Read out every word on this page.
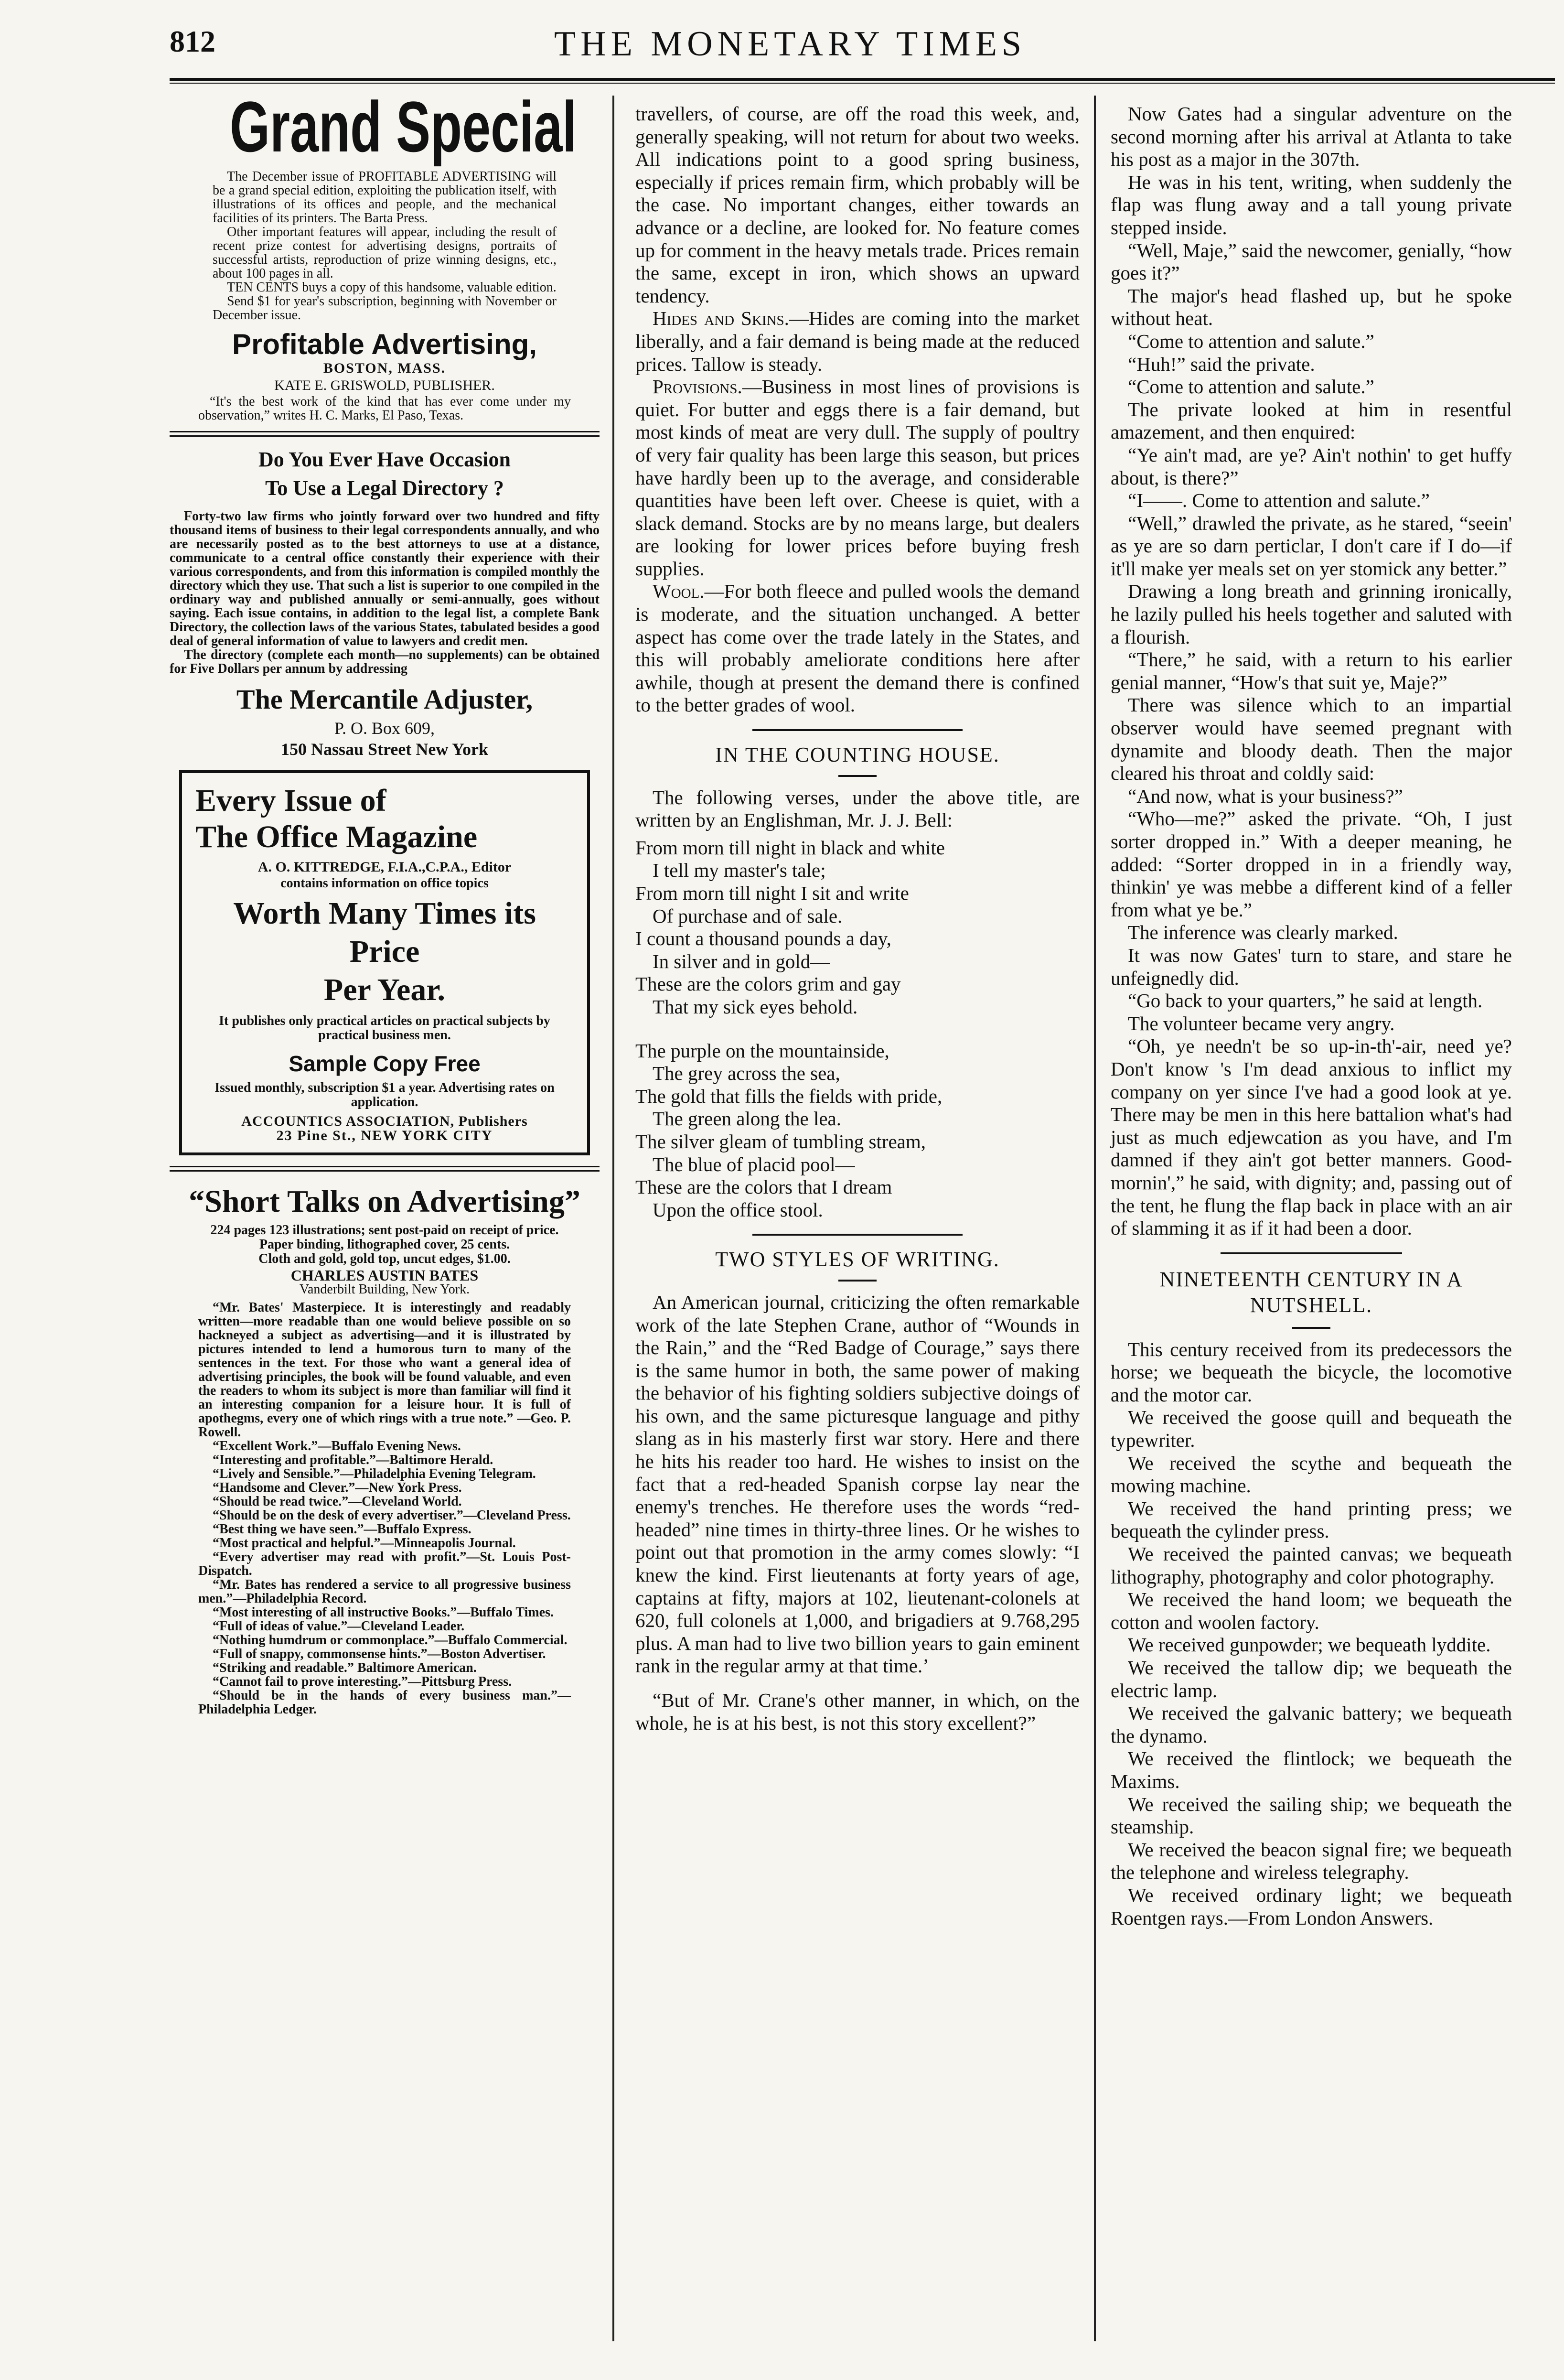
812	THE MONETARY TIMES
Grand Special

The December issue of PROFITABLE ADVERTISING will be a grand special edition, exploiting the publication itself, with illustrations of its offices and people, and the mechanical facilities of its printers. The Barta Press.

Other important features will appear, including the result of recent prize contest for advertising designs, portraits of successful artists, reproduction of prize winning designs, etc., about 100 pages in all.

TEN CENTS buys a copy of this handsome, valuable edition.

Send $1 for year's subscription, beginning with November or December issue.

Profitable Advertising,
BOSTON, MASS.
KATE E. GRISWOLD, PUBLISHER.

“It's the best work of the kind that has ever come under my observation,” writes H. C. Marks, El Paso, Texas.

Do You Ever Have Occasion
To Use a Legal Directory ?

Forty-two law firms who jointly forward over two hundred and fifty thousand items of business to their legal correspondents annually, and who are necessarily posted as to the best attorneys to use at a distance, communicate to a central office constantly their experience with their various correspondents, and from this information is compiled monthly the directory which they use. That such a list is superior to one compiled in the ordinary way and published annually or semi-annually, goes without saying. Each issue contains, in addition to the legal list, a complete Bank Directory, the collection laws of the various States, tabulated besides a good deal of general information of value to lawyers and credit men.

The directory (complete each month—no supplements) can be obtained for Five Dollars per annum by addressing

The Mercantile Adjuster,
P. O. Box 609,
150 Nassau Street New York
Every Issue of
The Office Magazine
A. O. KITTREDGE, F.I.A.,C.P.A., Editor
contains information on office topics
Worth Many Times its Price
Per Year.
It publishes only practical articles on practical subjects by practical business men.
Sample Copy Free
Issued monthly, subscription $1 a year. Advertising rates on application.
ACCOUNTICS ASSOCIATION, Publishers
23 Pine St., NEW YORK CITY
“Short Talks on Advertising”
224 pages 123 illustrations; sent post-paid on receipt of price.
Paper binding, lithographed cover, 25 cents.
Cloth and gold, gold top, uncut edges, $1.00.
CHARLES AUSTIN BATES
Vanderbilt Building, New York.

“Mr. Bates' Masterpiece. It is interestingly and readably written—more readable than one would believe possible on so hackneyed a subject as advertising—and it is illustrated by pictures intended to lend a humorous turn to many of the sentences in the text. For those who want a general idea of advertising principles, the book will be found valuable, and even the readers to whom its subject is more than familiar will find it an interesting companion for a leisure hour. It is full of apothegms, every one of which rings with a true note.” —Geo. P. Rowell.

“Excellent Work.”—Buffalo Evening News.

“Interesting and profitable.”—Baltimore Herald.

“Lively and Sensible.”—Philadelphia Evening Telegram.

“Handsome and Clever.”—New York Press.

“Should be read twice.”—Cleveland World.

“Should be on the desk of every advertiser.”—Cleveland Press.

“Best thing we have seen.”—Buffalo Express.

“Most practical and helpful.”—Minneapolis Journal.

“Every advertiser may read with profit.”—St. Louis Post-Dispatch.

“Mr. Bates has rendered a service to all progressive business men.”—Philadelphia Record.

“Most interesting of all instructive Books.”—Buffalo Times.

“Full of ideas of value.”—Cleveland Leader.

“Nothing humdrum or commonplace.”—Buffalo Commercial.

“Full of snappy, commonsense hints.”—Boston Advertiser.

“Striking and readable.” Baltimore American.

“Cannot fail to prove interesting.”—Pittsburg Press.

“Should be in the hands of every business man.”—Philadelphia Ledger.

travellers, of course, are off the road this week, and, generally speaking, will not return for about two weeks. All indications point to a good spring business, especially if prices remain firm, which probably will be the case. No important changes, either towards an advance or a decline, are looked for. No feature comes up for comment in the heavy metals trade. Prices remain the same, except in iron, which shows an upward tendency.

Hides and Skins.—Hides are coming into the market liberally, and a fair demand is being made at the reduced prices. Tallow is steady.

Provisions.—Business in most lines of provisions is quiet. For butter and eggs there is a fair demand, but most kinds of meat are very dull. The supply of poultry of very fair quality has been large this season, but prices have hardly been up to the average, and considerable quantities have been left over. Cheese is quiet, with a slack demand. Stocks are by no means large, but dealers are looking for lower prices before buying fresh supplies.

Wool.—For both fleece and pulled wools the demand is moderate, and the situation unchanged. A better aspect has come over the trade lately in the States, and this will probably ameliorate conditions here after awhile, though at present the demand there is confined to the better grades of wool.

IN THE COUNTING HOUSE.

The following verses, under the above title, are written by an Englishman, Mr. J. J. Bell:

From morn till night in black and white
I tell my master's tale;
From morn till night I sit and write
Of purchase and of sale.
I count a thousand pounds a day,
In silver and in gold—
These are the colors grim and gay
That my sick eyes behold.
The purple on the mountainside,
The grey across the sea,
The gold that fills the fields with pride,
The green along the lea.
The silver gleam of tumbling stream,
The blue of placid pool—
These are the colors that I dream
Upon the office stool.
TWO STYLES OF WRITING.

An American journal, criticizing the often remarkable work of the late Stephen Crane, author of “Wounds in the Rain,” and the “Red Badge of Courage,” says there is the same humor in both, the same power of making the behavior of his fighting soldiers subjective doings of his own, and the same picturesque language and pithy slang as in his masterly first war story. Here and there he hits his reader too hard. He wishes to insist on the fact that a red-headed Spanish corpse lay near the enemy's trenches. He therefore uses the words “red-headed” nine times in thirty-three lines. Or he wishes to point out that promotion in the army comes slowly: “I knew the kind. First lieutenants at forty years of age, captains at fifty, majors at 102, lieutenant-colonels at 620, full colonels at 1,000, and brigadiers at 9.768,295 plus. A man had to live two billion years to gain eminent rank in the regular army at that time.’

“But of Mr. Crane's other manner, in which, on the whole, he is at his best, is not this story excellent?”

Now Gates had a singular adventure on the second morning after his arrival at Atlanta to take his post as a major in the 307th.

He was in his tent, writing, when suddenly the flap was flung away and a tall young private stepped inside.

“Well, Maje,” said the newcomer, genially, “how goes it?”

The major's head flashed up, but he spoke without heat.

“Come to attention and salute.”

“Huh!” said the private.

“Come to attention and salute.”

The private looked at him in resentful amazement, and then enquired:

“Ye ain't mad, are ye? Ain't nothin' to get huffy about, is there?”

“I——. Come to attention and salute.”

“Well,” drawled the private, as he stared, “seein' as ye are so darn perticlar, I don't care if I do—if it'll make yer meals set on yer stomick any better.”

Drawing a long breath and grinning ironically, he lazily pulled his heels together and saluted with a flourish.

“There,” he said, with a return to his earlier genial manner, “How's that suit ye, Maje?”

There was silence which to an impartial observer would have seemed pregnant with dynamite and bloody death. Then the major cleared his throat and coldly said:

“And now, what is your business?”

“Who—me?” asked the private. “Oh, I just sorter dropped in.” With a deeper meaning, he added: “Sorter dropped in in a friendly way, thinkin' ye was mebbe a different kind of a feller from what ye be.”

The inference was clearly marked.

It was now Gates' turn to stare, and stare he unfeignedly did.

“Go back to your quarters,” he said at length.

The volunteer became very angry.

“Oh, ye needn't be so up-in-th'-air, need ye? Don't know 's I'm dead anxious to inflict my company on yer since I've had a good look at ye. There may be men in this here battalion what's had just as much edjewcation as you have, and I'm damned if they ain't got better manners. Good-mornin',” he said, with dignity; and, passing out of the tent, he flung the flap back in place with an air of slamming it as if it had been a door.

NINETEENTH CENTURY IN A NUTSHELL.

This century received from its predecessors the horse; we bequeath the bicycle, the locomotive and the motor car.

We received the goose quill and bequeath the typewriter.

We received the scythe and bequeath the mowing machine.

We received the hand printing press; we bequeath the cylinder press.

We received the painted canvas; we bequeath lithography, photography and color photography.

We received the hand loom; we bequeath the cotton and woolen factory.

We received gunpowder; we bequeath lyddite.

We received the tallow dip; we bequeath the electric lamp.

We received the galvanic battery; we bequeath the dynamo.

We received the flintlock; we bequeath the Maxims.

We received the sailing ship; we bequeath the steamship.

We received the beacon signal fire; we bequeath the telephone and wireless telegraphy.

We received ordinary light; we bequeath Roentgen rays.—From London Answers.
